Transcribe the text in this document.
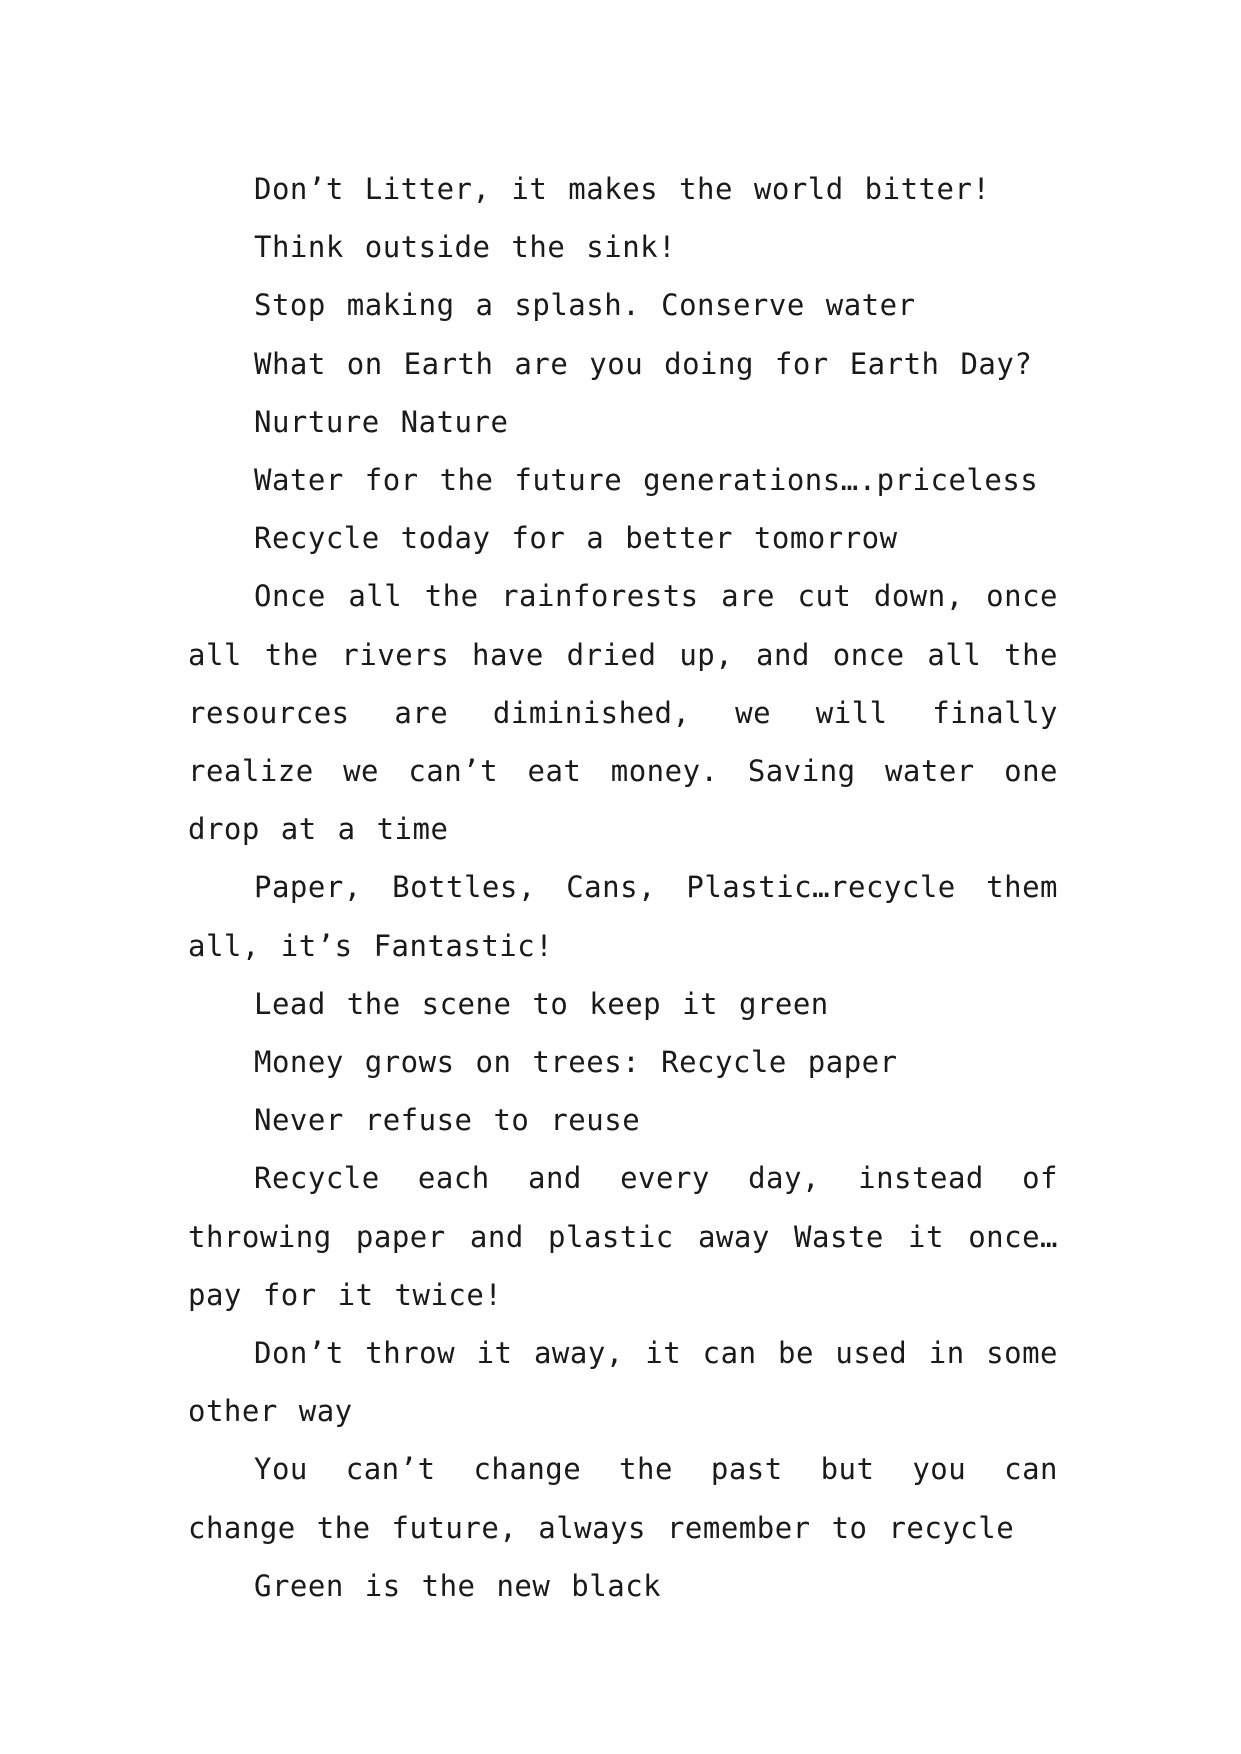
Don’t Litter, it makes the world bitter!

Think outside the sink!

Stop making a splash. Conserve water

What on Earth are you doing for Earth Day?

Nurture Nature

Water for the future generations….priceless

Recycle today for a better tomorrow

Once all the rainforests are cut down, once all the rivers have dried up, and once all the resources are diminished, we will finally realize we can’t eat money. Saving water one drop at a time

Paper, Bottles, Cans, Plastic…recycle them all, it’s Fantastic!

Lead the scene to keep it green

Money grows on trees: Recycle paper

Never refuse to reuse

Recycle each and every day, instead of throwing paper and plastic away Waste it once…pay for it twice!

Don’t throw it away, it can be used in some other way

You can’t change the past but you can change the future, always remember to recycle

Green is the new black
